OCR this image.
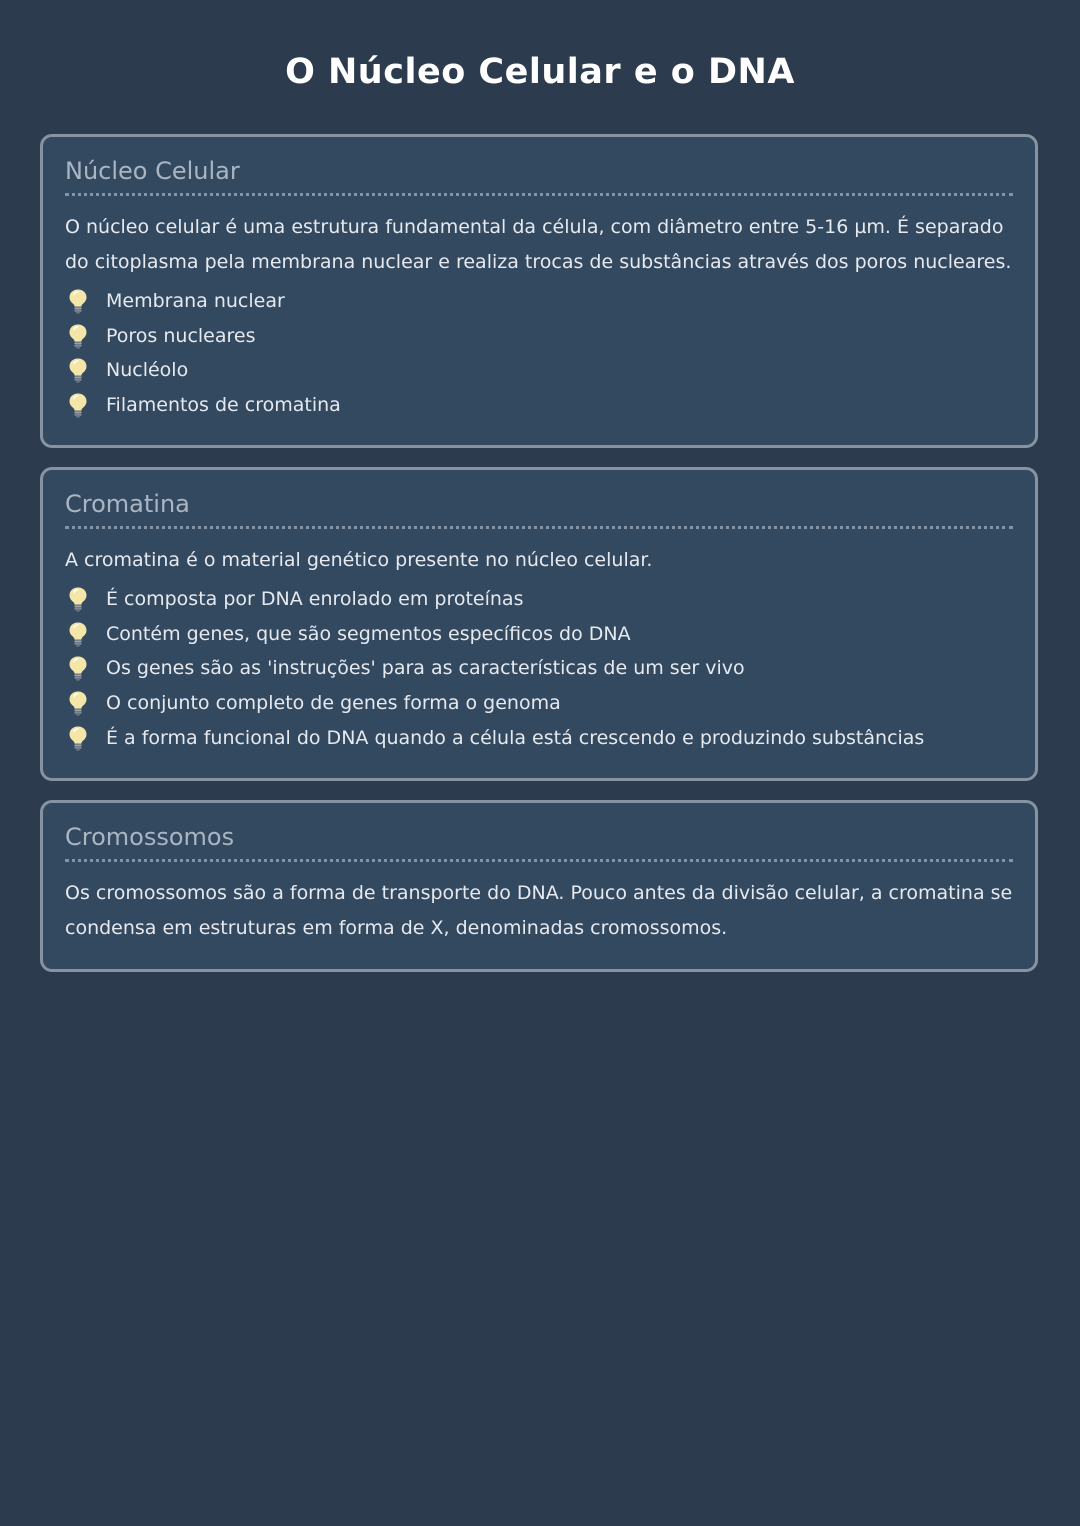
O Núcleo Celular e o DNA
Núcleo Celular

O núcleo celular é uma estrutura fundamental da célula, com diâmetro entre 5-16 µm. É separado do citoplasma pela membrana nuclear e realiza trocas de substâncias através dos poros nucleares.

Membrana nuclear
Poros nucleares
Nucléolo
Filamentos de cromatina
Cromatina

A cromatina é o material genético presente no núcleo celular.

É composta por DNA enrolado em proteínas
Contém genes, que são segmentos específicos do DNA
Os genes são as 'instruções' para as características de um ser vivo
O conjunto completo de genes forma o genoma
É a forma funcional do DNA quando a célula está crescendo e produzindo substâncias
Cromossomos

Os cromossomos são a forma de transporte do DNA. Pouco antes da divisão celular, a cromatina se condensa em estruturas em forma de X, denominadas cromossomos.
